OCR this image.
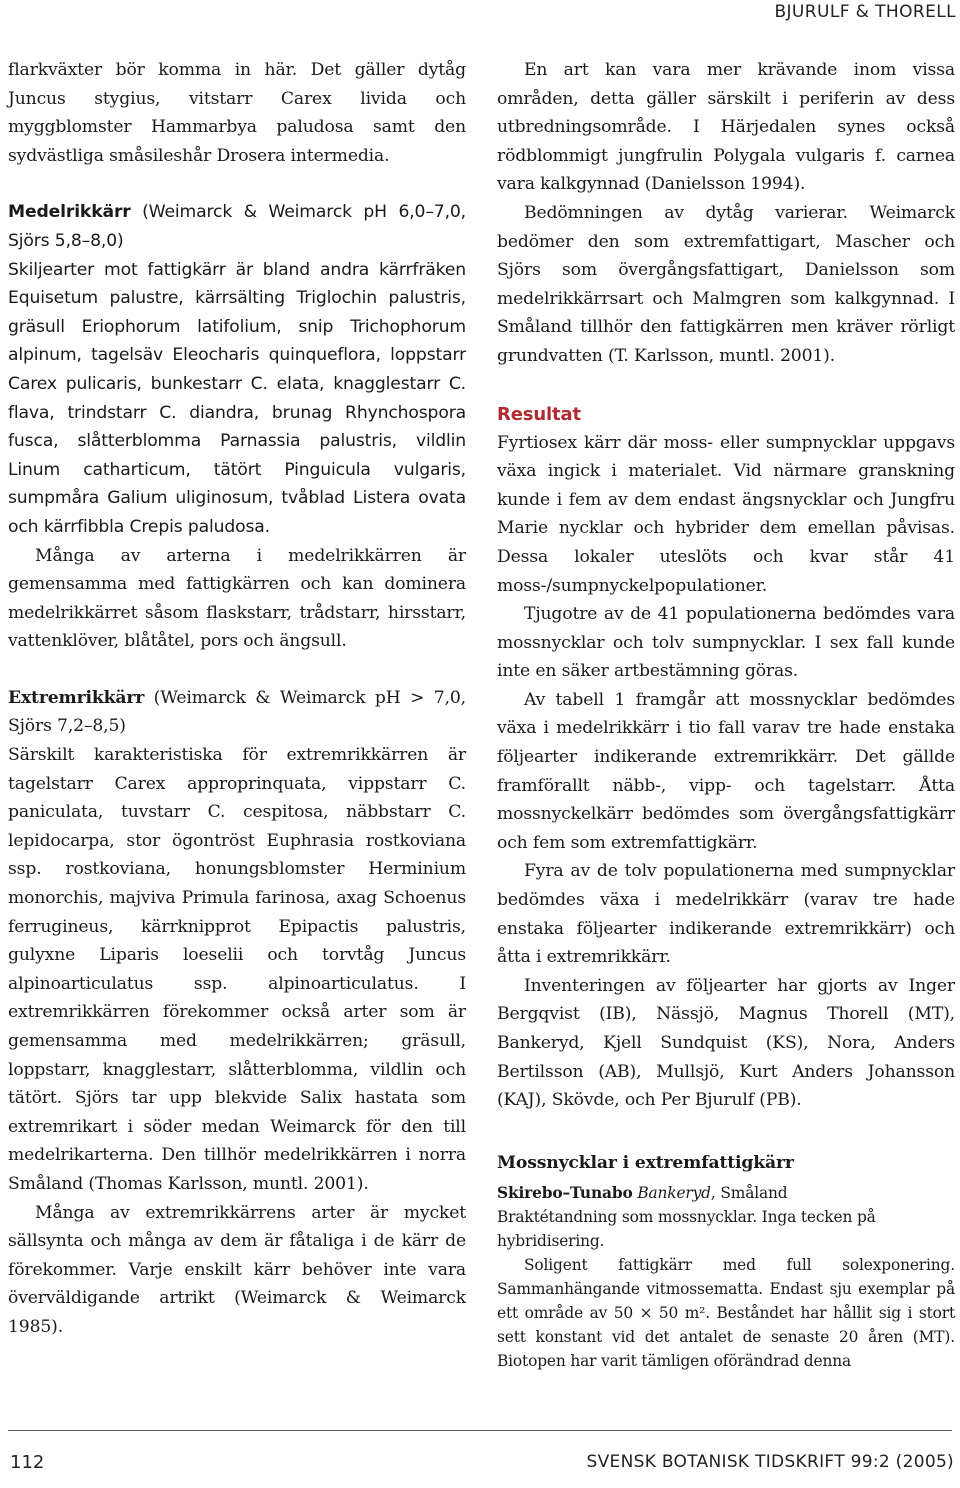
BJURULF & THORELL

flarkväxter bör komma in här. Det gäller dytåg Juncus stygius, vitstarr Carex livida och myggblomster Hammarbya paludosa samt den sydvästliga småsileshår Drosera intermedia.

Medelrikkärr (Weimarck & Weimarck pH 6,0–7,0, Sjörs 5,8–8,0)

Skiljearter mot fattigkärr är bland andra kärrfräken Equisetum palustre, kärrsälting Triglochin palustris, gräsull Eriophorum latifolium, snip Trichophorum alpinum, tagelsäv Eleocharis quinqueflora, loppstarr Carex pulicaris, bunkestarr C. elata, knagglestarr C. flava, trindstarr C. diandra, brunag Rhynchospora fusca, slåtterblomma Parnassia palustris, vildlin Linum catharticum, tätört Pinguicula vulgaris, sumpmåra Galium uliginosum, tvåblad Listera ovata och kärrfibbla Crepis paludosa.

Många av arterna i medelrikkärren är gemensamma med fattigkärren och kan dominera medelrikkärret såsom flaskstarr, trådstarr, hirsstarr, vattenklöver, blåtåtel, pors och ängsull.

Extremrikkärr (Weimarck & Weimarck pH > 7,0, Sjörs 7,2–8,5)

Särskilt karakteristiska för extremrikkärren är tagelstarr Carex approprinquata, vippstarr C. paniculata, tuvstarr C. cespitosa, näbbstarr C. lepidocarpa, stor ögontröst Euphrasia rostkoviana ssp. rostkoviana, honungsblomster Herminium monorchis, majviva Primula farinosa, axag Schoenus ferrugineus, kärrknipprot Epipactis palustris, gulyxne Liparis loeselii och torvtåg Juncus alpinoarticulatus ssp. alpinoarticulatus. I extremrikkärren förekommer också arter som är gemensamma med medelrikkärren; gräsull, loppstarr, knagglestarr, slåtterblomma, vildlin och tätört. Sjörs tar upp blekvide Salix hastata som extremrikart i söder medan Weimarck för den till medelrikarterna. Den tillhör medelrikkärren i norra Småland (Thomas Karlsson, muntl. 2001).

Många av extremrikkärrens arter är mycket sällsynta och många av dem är fåtaliga i de kärr de förekommer. Varje enskilt kärr behöver inte vara överväldigande artrikt (Weimarck & Weimarck 1985).

En art kan vara mer krävande inom vissa områden, detta gäller särskilt i periferin av dess utbredningsområde. I Härjedalen synes också rödblommigt jungfrulin Polygala vulgaris f. carnea vara kalkgynnad (Danielsson 1994).

Bedömningen av dytåg varierar. Weimarck bedömer den som extremfattigart, Mascher och Sjörs som övergångsfattigart, Danielsson som medelrikkärrsart och Malmgren som kalkgynnad. I Småland tillhör den fattigkärren men kräver rörligt grundvatten (T. Karlsson, muntl. 2001).

Resultat

Fyrtiosex kärr där moss- eller sumpnycklar uppgavs växa ingick i materialet. Vid närmare granskning kunde i fem av dem endast ängsnycklar och Jungfru Marie nycklar och hybrider dem emellan påvisas. Dessa lokaler uteslöts och kvar står 41 moss-/sumpnyckelpopulationer.

Tjugotre av de 41 populationerna bedömdes vara mossnycklar och tolv sumpnycklar. I sex fall kunde inte en säker artbestämning göras.

Av tabell 1 framgår att mossnycklar bedömdes växa i medelrikkärr i tio fall varav tre hade enstaka följearter indikerande extremrikkärr. Det gällde framförallt näbb-, vipp- och tagelstarr. Åtta mossnyckelkärr bedömdes som övergångsfattigkärr och fem som extremfattigkärr.

Fyra av de tolv populationerna med sumpnycklar bedömdes växa i medelrikkärr (varav tre hade enstaka följearter indikerande extremrikkärr) och åtta i extremrikkärr.

Inventeringen av följearter har gjorts av Inger Bergqvist (IB), Nässjö, Magnus Thorell (MT), Bankeryd, Kjell Sundquist (KS), Nora, Anders Bertilsson (AB), Mullsjö, Kurt Anders Johansson (KAJ), Skövde, och Per Bjurulf (PB).

Mossnycklar i extremfattigkärr

Skirebo–Tunabo Bankeryd, Småland

Braktétandning som mossnycklar. Inga tecken på hybridisering.

Soligent fattigkärr med full solexponering. Sammanhängande vitmossematta. Endast sju exemplar på ett område av 50 × 50 m². Beståndet har hållit sig i stort sett konstant vid det antalet de senaste 20 åren (MT). Biotopen har varit tämligen oförändrad denna

112	SVENSK BOTANISK TIDSKRIFT 99:2 (2005)
